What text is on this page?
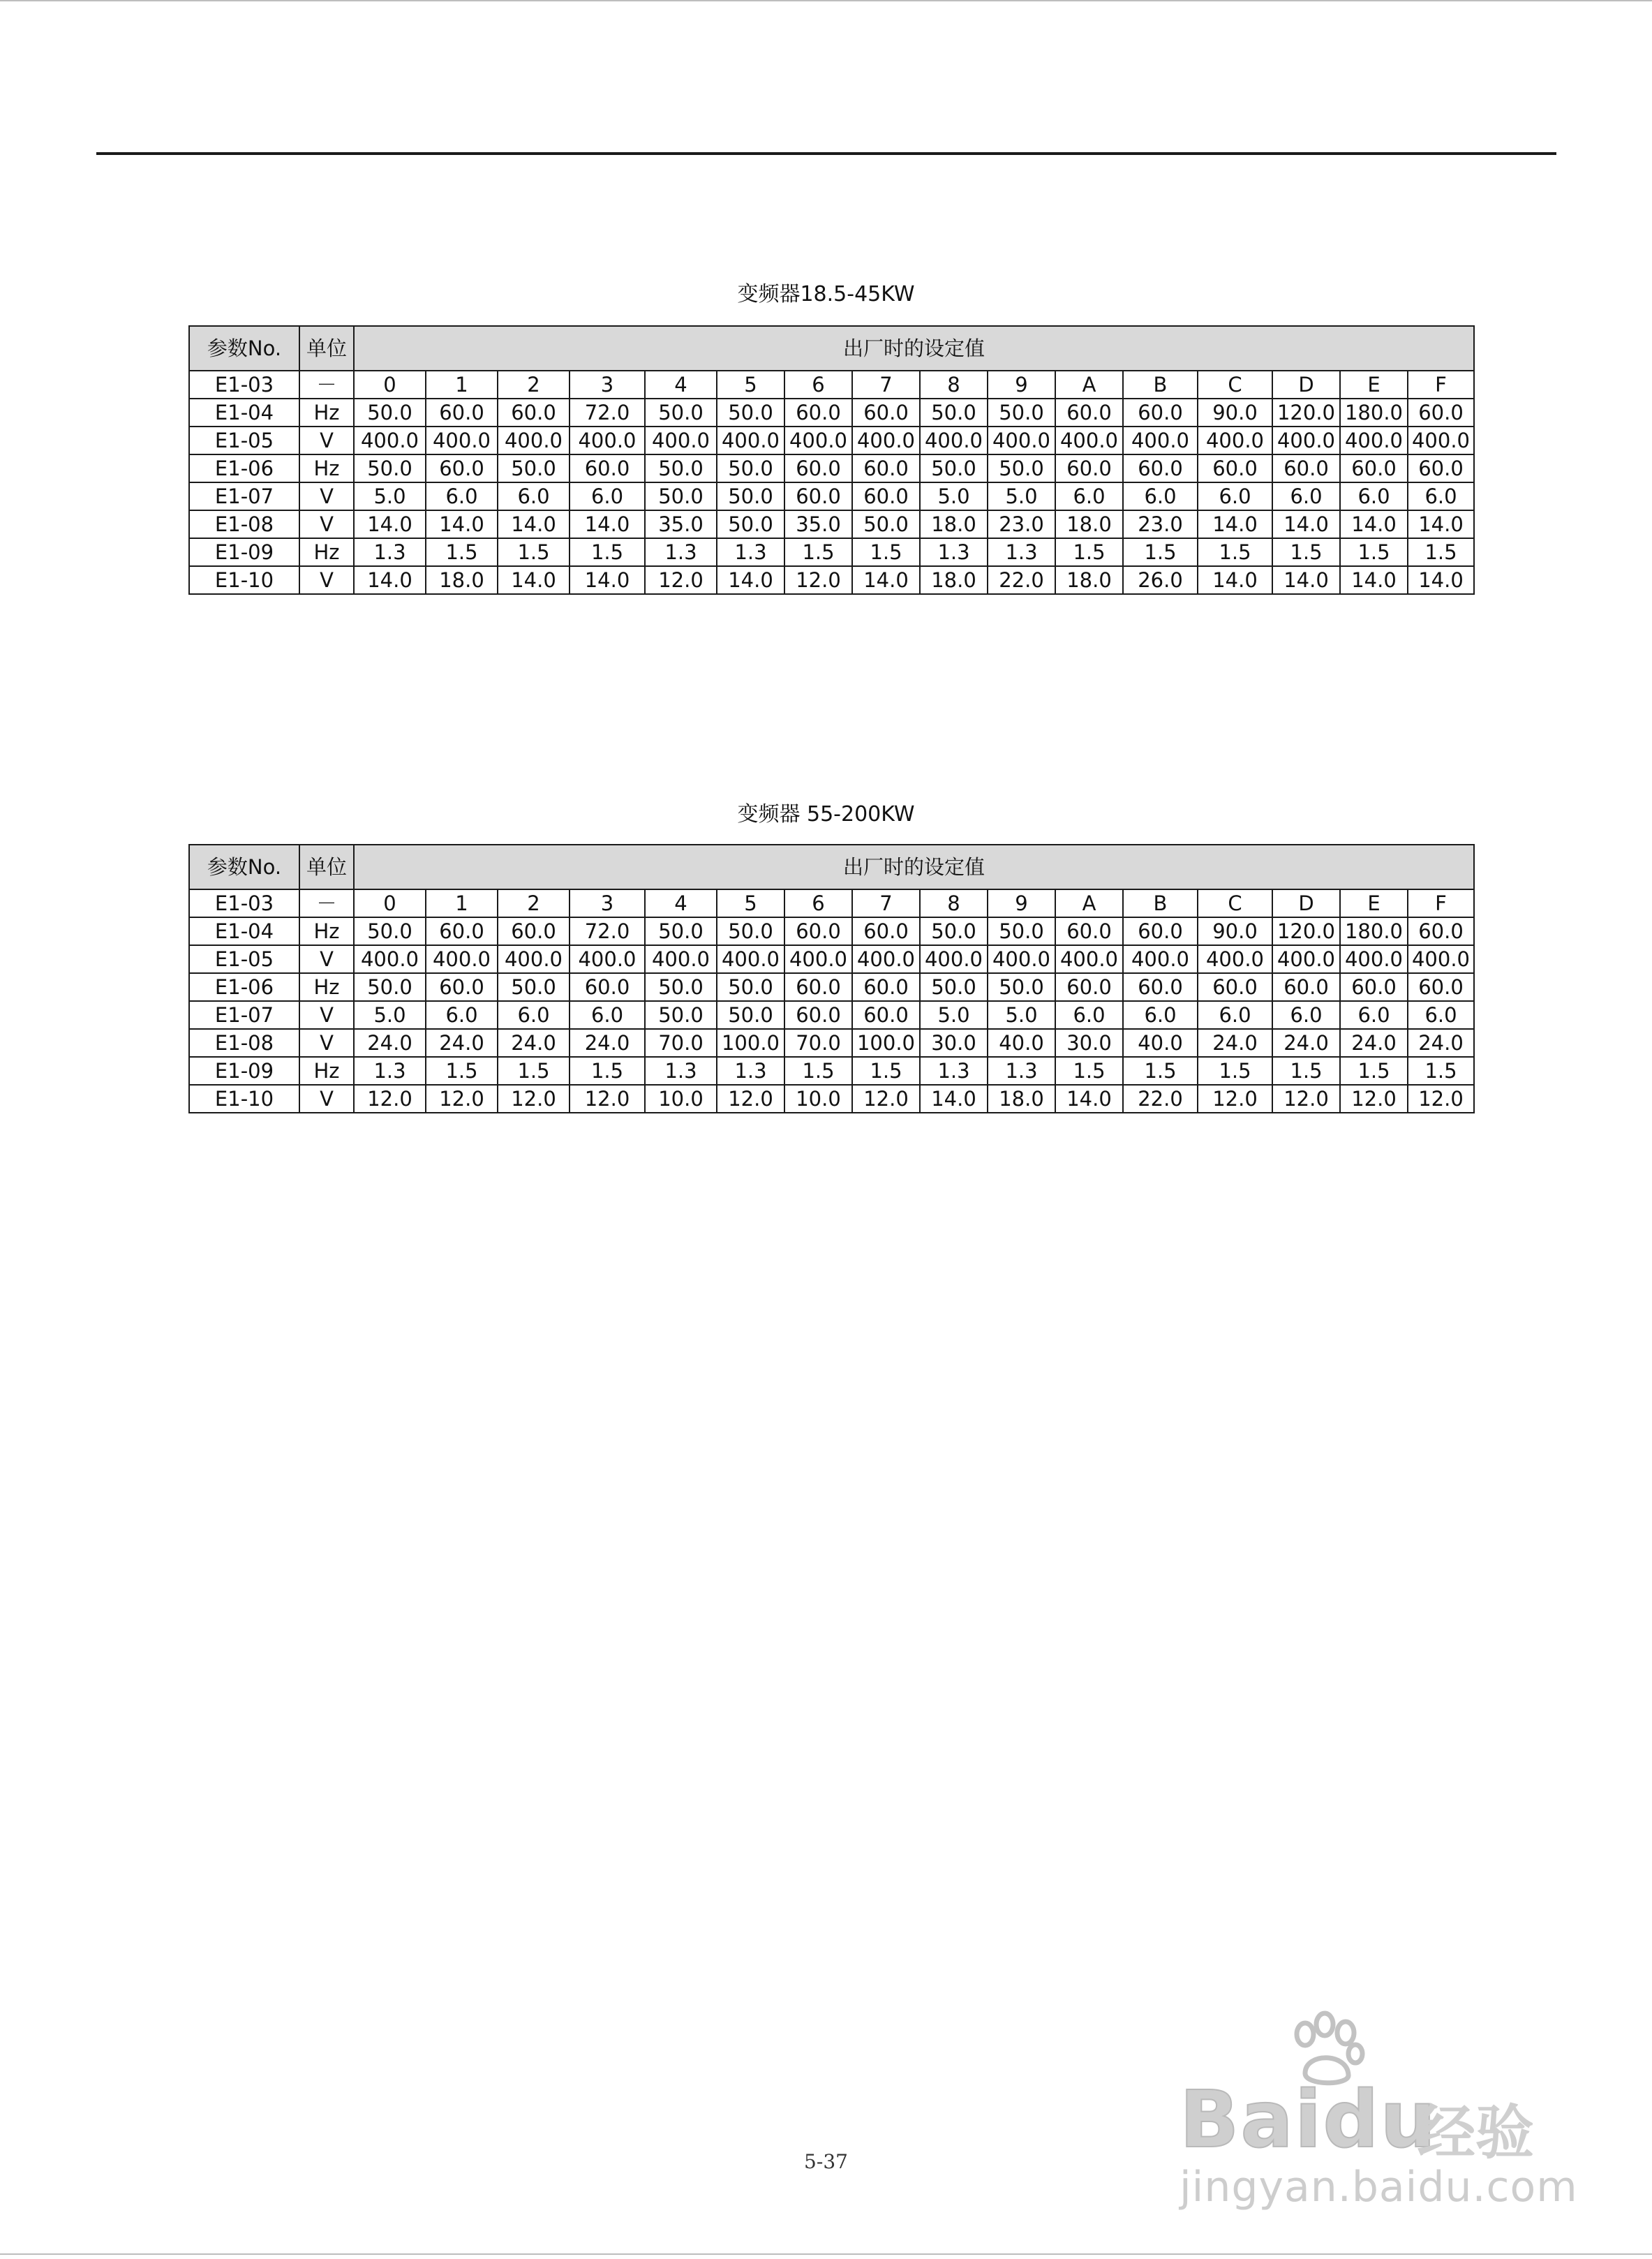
变频器18.5-45KW
参数No.	单位	出厂时的设定值															
E1-03	－	0	1	2	3	4	5	6	7	8	9	A	B	C	D	E	F
E1-04	Hz	50.0	60.0	60.0	72.0	50.0	50.0	60.0	60.0	50.0	50.0	60.0	60.0	90.0	120.0	180.0	60.0
E1-05	V	400.0	400.0	400.0	400.0	400.0	400.0	400.0	400.0	400.0	400.0	400.0	400.0	400.0	400.0	400.0	400.0
E1-06	Hz	50.0	60.0	50.0	60.0	50.0	50.0	60.0	60.0	50.0	50.0	60.0	60.0	60.0	60.0	60.0	60.0
E1-07	V	5.0	6.0	6.0	6.0	50.0	50.0	60.0	60.0	5.0	5.0	6.0	6.0	6.0	6.0	6.0	6.0
E1-08	V	14.0	14.0	14.0	14.0	35.0	50.0	35.0	50.0	18.0	23.0	18.0	23.0	14.0	14.0	14.0	14.0
E1-09	Hz	1.3	1.5	1.5	1.5	1.3	1.3	1.5	1.5	1.3	1.3	1.5	1.5	1.5	1.5	1.5	1.5
E1-10	V	14.0	18.0	14.0	14.0	12.0	14.0	12.0	14.0	18.0	22.0	18.0	26.0	14.0	14.0	14.0	14.0
变频器 55-200KW
参数No.	单位	出厂时的设定值															
E1-03	－	0	1	2	3	4	5	6	7	8	9	A	B	C	D	E	F
E1-04	Hz	50.0	60.0	60.0	72.0	50.0	50.0	60.0	60.0	50.0	50.0	60.0	60.0	90.0	120.0	180.0	60.0
E1-05	V	400.0	400.0	400.0	400.0	400.0	400.0	400.0	400.0	400.0	400.0	400.0	400.0	400.0	400.0	400.0	400.0
E1-06	Hz	50.0	60.0	50.0	60.0	50.0	50.0	60.0	60.0	50.0	50.0	60.0	60.0	60.0	60.0	60.0	60.0
E1-07	V	5.0	6.0	6.0	6.0	50.0	50.0	60.0	60.0	5.0	5.0	6.0	6.0	6.0	6.0	6.0	6.0
E1-08	V	24.0	24.0	24.0	24.0	70.0	100.0	70.0	100.0	30.0	40.0	30.0	40.0	24.0	24.0	24.0	24.0
E1-09	Hz	1.3	1.5	1.5	1.5	1.3	1.3	1.5	1.5	1.3	1.3	1.5	1.5	1.5	1.5	1.5	1.5
E1-10	V	12.0	12.0	12.0	12.0	10.0	12.0	10.0	12.0	14.0	18.0	14.0	22.0	12.0	12.0	12.0	12.0
5-37	Baidu
经验
jingyan.baidu.com
